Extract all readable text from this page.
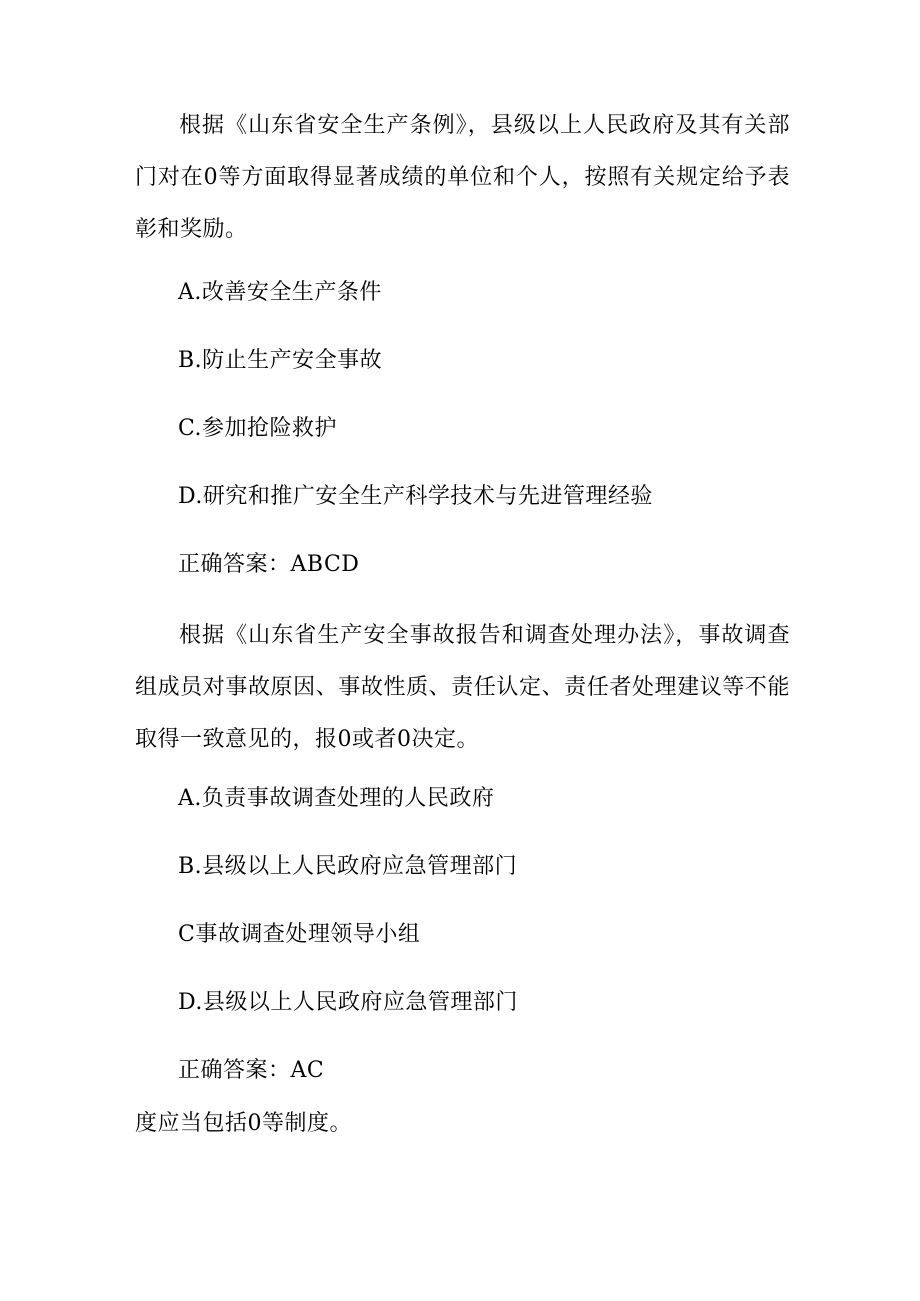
根据《山东省安全生产条例》，县级以上人民政府及其有关部门对在0等方面取得显著成绩的单位和个人，按照有关规定给予表彰和奖励。
A.改善安全生产条件
B.防止生产安全事故
C.参加抢险救护
D.研究和推广安全生产科学技术与先进管理经验
正确答案：ABCD
根据《山东省生产安全事故报告和调查处理办法》，事故调查组成员对事故原因、事故性质、责任认定、责任者处理建议等不能取得一致意见的，报0或者0决定。
A.负责事故调查处理的人民政府
B.县级以上人民政府应急管理部门
C事故调查处理领导小组
D.县级以上人民政府应急管理部门
正确答案：AC
度应当包括0等制度。
